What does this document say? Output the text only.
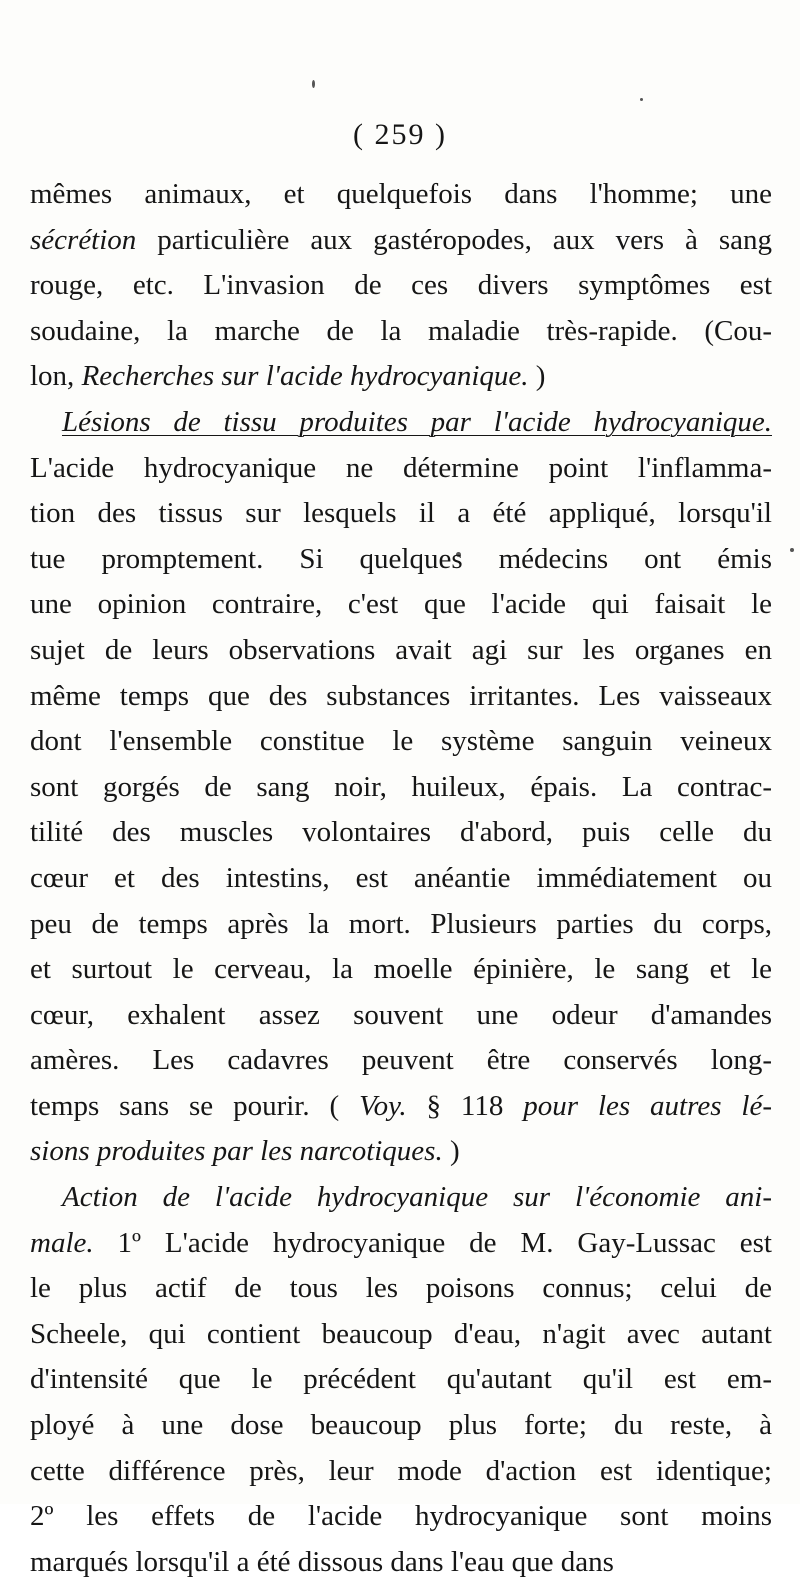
( 259 )
mêmes animaux, et quelquefois dans l'homme; une
sécrétion particulière aux gastéropodes, aux vers à sang
rouge, etc. L'invasion de ces divers symptômes est
soudaine, la marche de la maladie très-rapide. (Cou-
lon, Recherches sur l'acide hydrocyanique. )
Lésions de tissu produites par l'acide hydrocyanique.
L'acide hydrocyanique ne détermine point l'inflamma-
tion des tissus sur lesquels il a été appliqué, lorsqu'il
tue promptement. Si quelques médecins ont émis
une opinion contraire, c'est que l'acide qui faisait le
sujet de leurs observations avait agi sur les organes en
même temps que des substances irritantes. Les vaisseaux
dont l'ensemble constitue le système sanguin veineux
sont gorgés de sang noir, huileux, épais. La contrac-
tilité des muscles volontaires d'abord, puis celle du
cœur et des intestins, est anéantie immédiatement ou
peu de temps après la mort. Plusieurs parties du corps,
et surtout le cerveau, la moelle épinière, le sang et le
cœur, exhalent assez souvent une odeur d'amandes
amères. Les cadavres peuvent être conservés long-
temps sans se pourir. ( Voy. § 118 pour les autres lé-
sions produites par les narcotiques. )
Action de l'acide hydrocyanique sur l'économie ani-
male. 1º L'acide hydrocyanique de M. Gay-Lussac est
le plus actif de tous les poisons connus; celui de
Scheele, qui contient beaucoup d'eau, n'agit avec autant
d'intensité que le précédent qu'autant qu'il est em-
ployé à une dose beaucoup plus forte; du reste, à
cette différence près, leur mode d'action est identique;
2º les effets de l'acide hydrocyanique sont moins
marqués lorsqu'il a été dissous dans l'eau que dans
